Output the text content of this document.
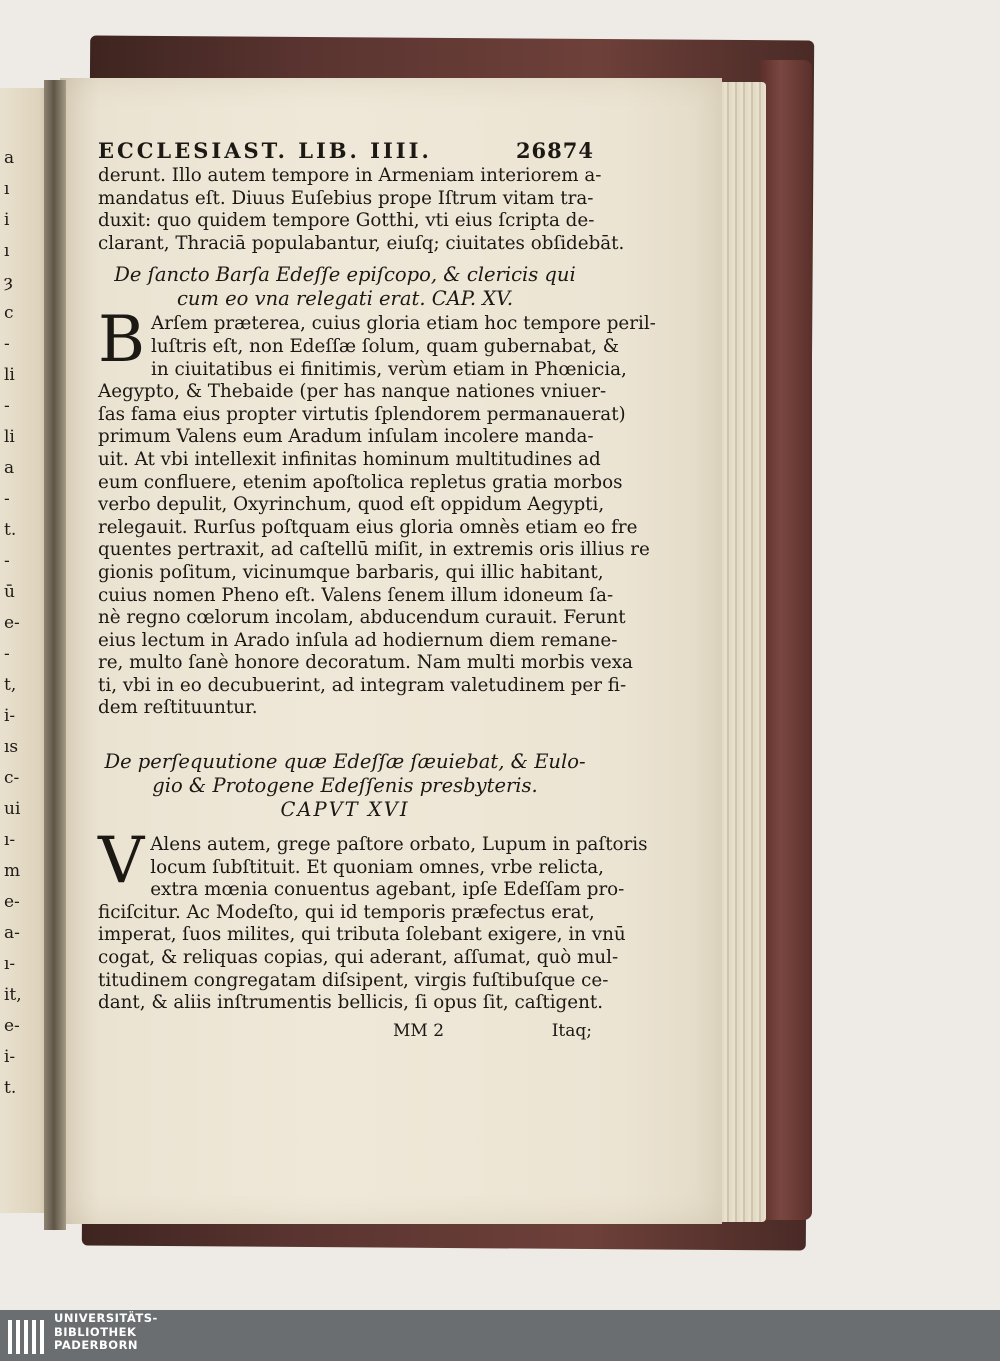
a
ı
i
ı
ȝ
c
-
li
-
li
a
-
t.
-
ū
e-
-
t,
i-
ıs
c-
ui
ı-
m
e-
a-
ı-
it,
e-
i-
t.
ECCLESIAST. LIB. IIII.	26874
derunt. Illo autem tempore in Armeniam interiorem a-
mandatus eſt. Diuus Euſebius prope Iſtrum vitam tra-
duxit: quo quidem tempore Gotthi, vti eius ſcripta de-
clarant, Thraciā populabantur, eiuſq; ciuitates obſidebāt.
De ſancto Barſa Edeſſe epiſcopo, & clericis qui
cum eo vna relegati erat. CAP. XV.
B Arſem præterea, cuius gloria etiam hoc tempore peril-
luſtris eſt, non Edeſſæ ſolum, quam gubernabat, &
in ciuitatibus ei finitimis, verùm etiam in Phœnicia,
Aegypto, & Thebaide (per has nanque nationes vniuer-
ſas fama eius propter virtutis ſplendorem permanauerat)
primum Valens eum Aradum inſulam incolere manda-
uit. At vbi intellexit infinitas hominum multitudines ad
eum confluere, etenim apoſtolica repletus gratia morbos
verbo depulit, Oxyrinchum, quod eſt oppidum Aegypti,
relegauit. Rurſus poſtquam eius gloria omnès etiam eo fre
quentes pertraxit, ad caſtellū miſit, in extremis oris illius re
gionis poſitum, vicinumque barbaris, qui illic habitant,
cuius nomen Pheno eſt. Valens ſenem illum idoneum ſa-
nè regno cœlorum incolam, abducendum curauit. Ferunt
eius lectum in Arado inſula ad hodiernum diem remane-
re, multo ſanè honore decoratum. Nam multi morbis vexa
ti, vbi in eo decubuerint, ad integram valetudinem per fi-
dem reſtituuntur.
De perſequutione quæ Edeſſæ ſæuiebat, & Eulo-
gio & Protogene Edeſſenis presbyteris.
CAPVT XVI
V Alens autem, grege paſtore orbato, Lupum in paſtoris
locum ſubſtituit. Et quoniam omnes, vrbe relicta,
extra mœnia conuentus agebant, ipſe Edeſſam pro-
ficiſcitur. Ac Modeſto, qui id temporis præfectus erat,
imperat, ſuos milites, qui tributa ſolebant exigere, in vnū
cogat, & reliquas copias, qui aderant, aſſumat, quò mul-
titudinem congregatam diſsipent, virgis fuſtibuſque ce-
dant, & aliis inſtrumentis bellicis, ſi opus ſit, caſtigent.
MM 2	Itaq;
UNIVERSITÄTS-
BIBLIOTHEK
PADERBORN
